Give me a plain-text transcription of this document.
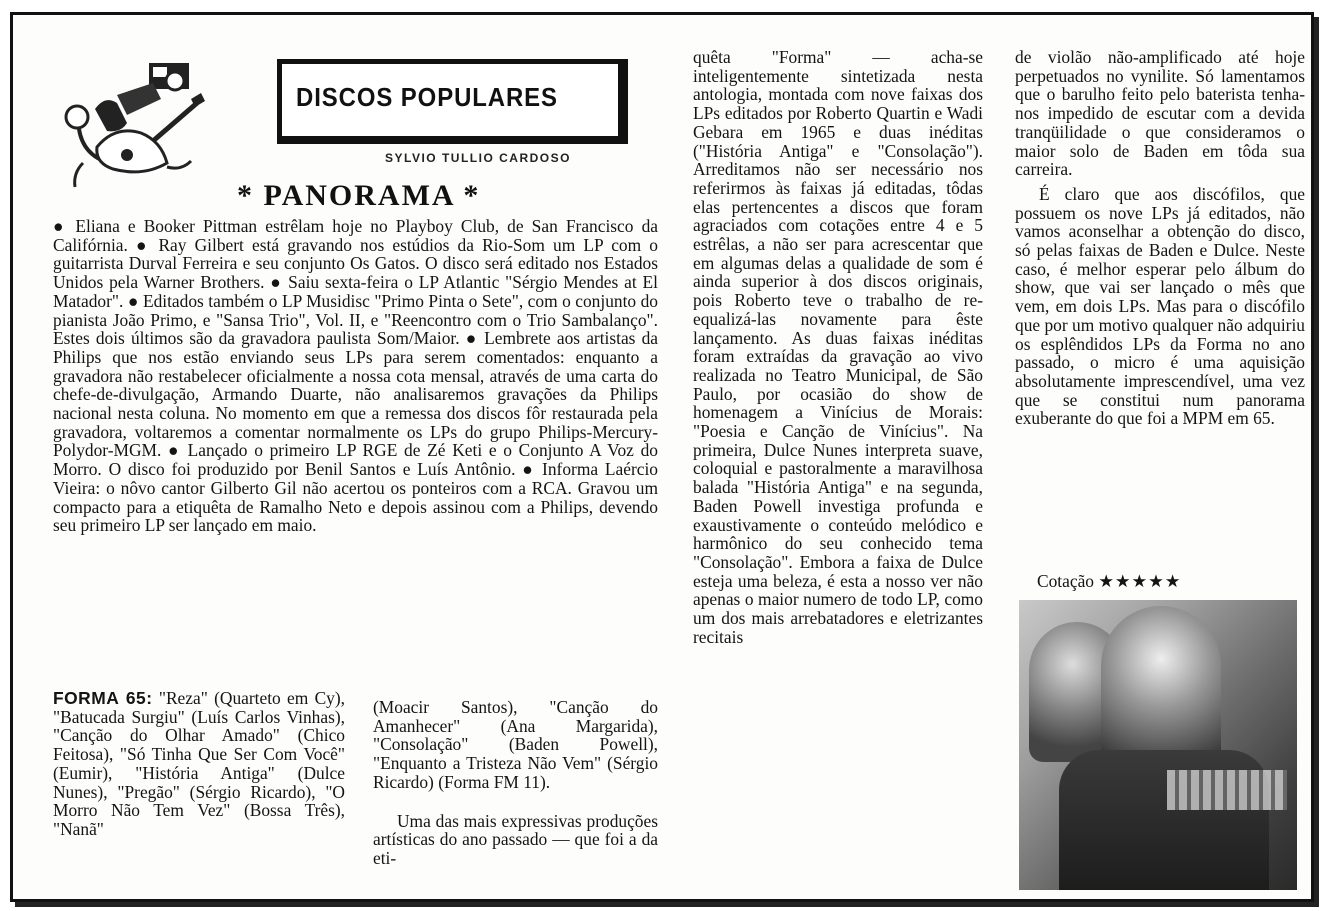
DISCOS POPULARES
SYLVIO TULLIO CARDOSO
* PANORAMA *

● Eliana e Booker Pittman estrêlam hoje no Playboy Club, de San Francisco da Califórnia. ● Ray Gilbert está gravando nos estúdios da Rio-Som um LP com o guitarrista Durval Ferreira e seu conjunto Os Gatos. O disco será editado nos Estados Unidos pela Warner Brothers. ● Saiu sexta-feira o LP Atlantic "Sérgio Mendes at El Matador". ● Editados também o LP Musidisc "Primo Pinta o Sete", com o conjunto do pianista João Primo, e "Sansa Trio", Vol. II, e "Reencontro com o Trio Sambalanço". Estes dois últimos são da gravadora paulista Som/Maior. ● Lembrete aos artistas da Philips que nos estão enviando seus LPs para serem comentados: enquanto a gravadora não restabelecer oficialmente a nossa cota mensal, através de uma carta do chefe-de-divulgação, Armando Duarte, não analisaremos gravações da Philips nacional nesta coluna. No momento em que a remessa dos discos fôr restaurada pela gravadora, voltaremos a comentar normalmente os LPs do grupo Philips-Mercury-Polydor-MGM. ● Lançado o primeiro LP RGE de Zé Keti e o Conjunto A Voz do Morro. O disco foi produzido por Benil Santos e Luís Antônio. ● Informa Laércio Vieira: o nôvo cantor Gilberto Gil não acertou os ponteiros com a RCA. Gravou um compacto para a etiquêta de Ramalho Neto e depois assinou com a Philips, devendo seu primeiro LP ser lançado em maio.

FORMA 65: "Reza" (Quarteto em Cy), "Batucada Surgiu" (Luís Carlos Vinhas), "Canção do Olhar Amado" (Chico Feitosa), "Só Tinha Que Ser Com Você" (Eumir), "História Antiga" (Dulce Nunes), "Pregão" (Sérgio Ricardo), "O Morro Não Tem Vez" (Bossa Três), "Nanã"

(Moacir Santos), "Canção do Amanhecer" (Ana Margarida), "Consolação" (Baden Powell), "Enquanto a Tristeza Não Vem" (Sérgio Ricardo) (Forma FM 11).

Uma das mais expressivas produções artísticas do ano passado — que foi a da eti-

quêta "Forma" — acha-se inteligentemente sintetizada nesta antologia, montada com nove faixas dos LPs editados por Roberto Quartin e Wadi Gebara em 1965 e duas inéditas ("História Antiga" e "Consolação"). Arreditamos não ser necessário nos referirmos às faixas já editadas, tôdas elas pertencentes a discos que foram agraciados com cotações entre 4 e 5 estrêlas, a não ser para acrescentar que em algumas delas a qualidade de som é ainda superior à dos discos originais, pois Roberto teve o trabalho de re-equalizá-las novamente para êste lançamento. As duas faixas inéditas foram extraídas da gravação ao vivo realizada no Teatro Municipal, de São Paulo, por ocasião do show de homenagem a Vinícius de Morais: "Poesia e Canção de Vinícius". Na primeira, Dulce Nunes interpreta suave, coloquial e pastoralmente a maravilhosa balada "História Antiga" e na segunda, Baden Powell investiga profunda e exaustivamente o conteúdo melódico e harmônico do seu conhecido tema "Consolação". Embora a faixa de Dulce esteja uma beleza, é esta a nosso ver não apenas o maior numero de todo LP, como um dos mais arrebatadores e eletrizantes recitais

de violão não-amplificado até hoje perpetuados no vynilite. Só lamentamos que o barulho feito pelo baterista tenha-nos impedido de escutar com a devida tranqüilidade o que consideramos o maior solo de Baden em tôda sua carreira.

É claro que aos discófilos, que possuem os nove LPs já editados, não vamos aconselhar a obtenção do disco, só pelas faixas de Baden e Dulce. Neste caso, é melhor esperar pelo álbum do show, que vai ser lançado o mês que vem, em dois LPs. Mas para o discófilo que por um motivo qualquer não adquiriu os esplêndidos LPs da Forma no ano passado, o micro é uma aquisição absolutamente imprescendível, uma vez que se constitui num panorama exuberante do que foi a MPM em 65.

Cotação ★★★★★
